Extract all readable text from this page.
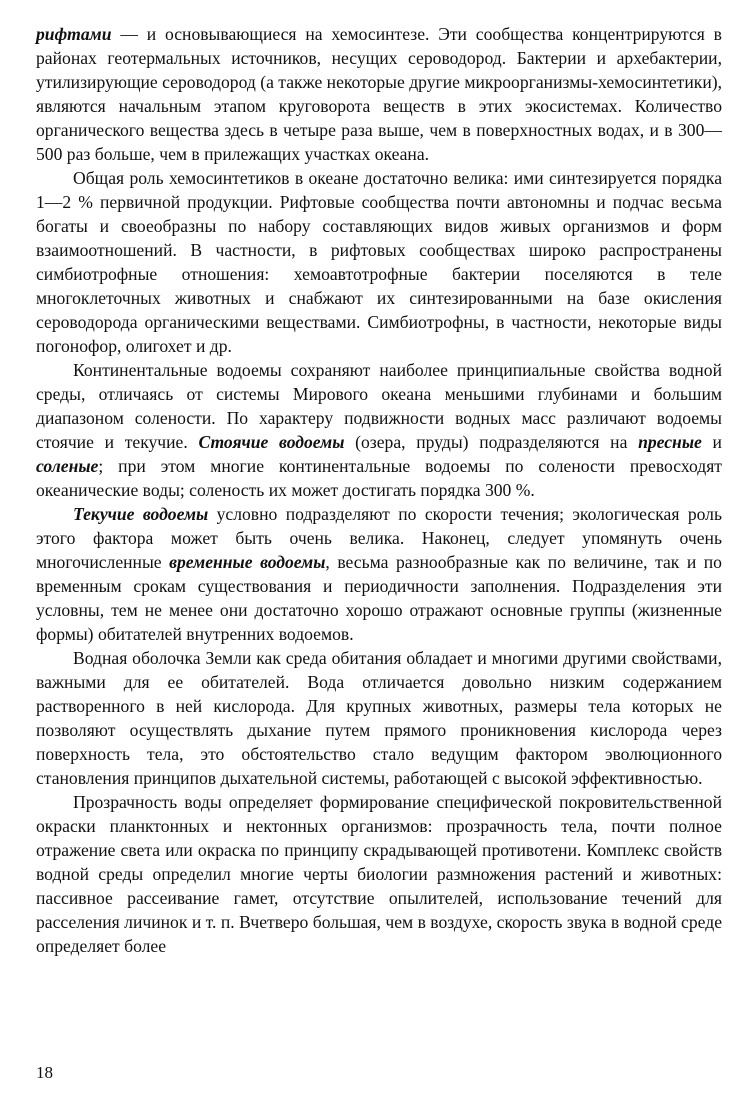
рифтами — и основывающиеся на хемосинтезе. Эти сообщества концентрируются в районах геотермальных источников, несущих сероводород. Бактерии и архебактерии, утилизирующие сероводород (а также некоторые другие микроорганизмы-хемосинтетики), являются начальным этапом круговорота веществ в этих экосистемах. Количество органического вещества здесь в четыре раза выше, чем в поверхностных водах, и в 300—500 раз больше, чем в прилежащих участках океана.

Общая роль хемосинтетиков в океане достаточно велика: ими синтезируется порядка 1—2 % первичной продукции. Рифтовые сообщества почти автономны и подчас весьма богаты и своеобразны по набору составляющих видов живых организмов и форм взаимоотношений. В частности, в рифтовых сообществах широко распространены симбиотрофные отношения: хемоавтотрофные бактерии поселяются в теле многоклеточных животных и снабжают их синтезированными на базе окисления сероводорода органическими веществами. Симбиотрофны, в частности, некоторые виды погонофор, олигохет и др.

Континентальные водоемы сохраняют наиболее принципиальные свойства водной среды, отличаясь от системы Мирового океана меньшими глубинами и большим диапазоном солености. По характеру подвижности водных масс различают водоемы стоячие и текучие. Стоячие водоемы (озера, пруды) подразделяются на пресные и соленые; при этом многие континентальные водоемы по солености превосходят океанические воды; соленость их может достигать порядка 300 %.

Текучие водоемы условно подразделяют по скорости течения; экологическая роль этого фактора может быть очень велика. Наконец, следует упомянуть очень многочисленные временные водоемы, весьма разнообразные как по величине, так и по временным срокам существования и периодичности заполнения. Подразделения эти условны, тем не менее они достаточно хорошо отражают основные группы (жизненные формы) обитателей внутренних водоемов.

Водная оболочка Земли как среда обитания обладает и многими другими свойствами, важными для ее обитателей. Вода отличается довольно низким содержанием растворенного в ней кислорода. Для крупных животных, размеры тела которых не позволяют осуществлять дыхание путем прямого проникновения кислорода через поверхность тела, это обстоятельство стало ведущим фактором эволюционного становления принципов дыхательной системы, работающей с высокой эффективностью.

Прозрачность воды определяет формирование специфической покровительственной окраски планктонных и нектонных организмов: прозрачность тела, почти полное отражение света или окраска по принципу скрадывающей противотени. Комплекс свойств водной среды определил многие черты биологии размножения растений и животных: пассивное рассеивание гамет, отсутствие опылителей, использование течений для расселения личинок и т. п. Вчетверо большая, чем в воздухе, скорость звука в водной среде определяет более

18
